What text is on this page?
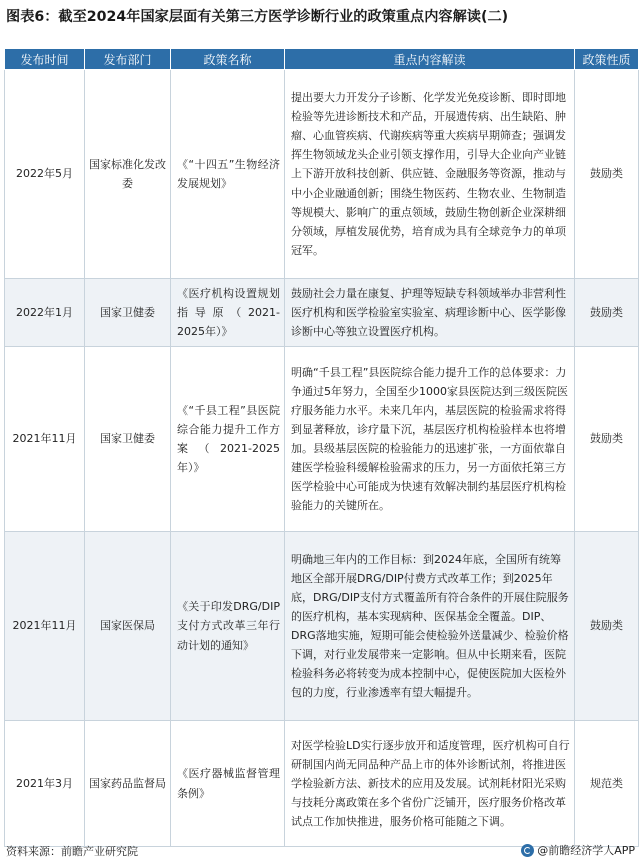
图表6：截至2024年国家层面有关第三方医学诊断行业的政策重点内容解读(二)
发布时间	发布部门	政策名称	重点内容解读	政策性质
2022年5月	国家标准化发改委	《“十四五”生物经济发展规划》	提出要大力开发分子诊断、化学发光免疫诊断、即时即地检验等先进诊断技术和产品，开展遗传病、出生缺陷、肿瘤、心血管疾病、代谢疾病等重大疾病早期筛查；强调发挥生物领域龙头企业引领支撑作用，引导大企业向产业链上下游开放科技创新、供应链、金融服务等资源，推动与中小企业融通创新；围绕生物医药、生物农业、生物制造等规模大、影响广的重点领域，鼓励生物创新企业深耕细分领域，厚植发展优势，培育成为具有全球竞争力的单项冠军。	鼓励类
2022年1月	国家卫健委	《医疗机构设置规划指导原（2021-2025年）》	鼓励社会力量在康复、护理等短缺专科领域举办非营利性医疗机构和医学检验室实验室、病理诊断中心、医学影像诊断中心等独立设置医疗机构。	鼓励类
2021年11月	国家卫健委	《“千县工程”县医院综合能力提升工作方案（2021-2025年）》	明确“千县工程”县医院综合能力提升工作的总体要求：力争通过5年努力，全国至少1000家县医院达到三级医院医疗服务能力水平。未来几年内，基层医院的检验需求将得到显著释放，诊疗量下沉，基层医疗机构检验样本也将增加。县级基层医院的检验能力的迅速扩张，一方面依靠自建医学检验科缓解检验需求的压力，另一方面依托第三方医学检验中心可能成为快速有效解决制约基层医疗机构检验能力的关键所在。	鼓励类
2021年11月	国家医保局	《关于印发DRG/DIP支付方式改革三年行动计划的通知》	明确地三年内的工作目标：到2024年底，全国所有统筹地区全部开展DRG/DIP付费方式改革工作；到2025年底，DRG/DIP支付方式覆盖所有符合条件的开展住院服务的医疗机构，基本实现病种、医保基金全覆盖。DIP、DRG落地实施，短期可能会使检验外送量减少、检验价格下调，对行业发展带来一定影响。但从中长期来看，医院检验科务必将转变为成本控制中心，促使医院加大医检外包的力度，行业渗透率有望大幅提升。	鼓励类
2021年3月	国家药品监督局	《医疗器械监督管理条例》	对医学检验LD实行逐步放开和适度管理，医疗机构可自行研制国内尚无同品种产品上市的体外诊断试剂，将推进医学检验新方法、新技术的应用及发展。试剂耗材阳光采购与技耗分离政策在多个省份广泛铺开，医疗服务价格改革试点工作加快推进，服务价格可能随之下调。	规范类
资料来源：前瞻产业研究院	@前瞻经济学人APP
